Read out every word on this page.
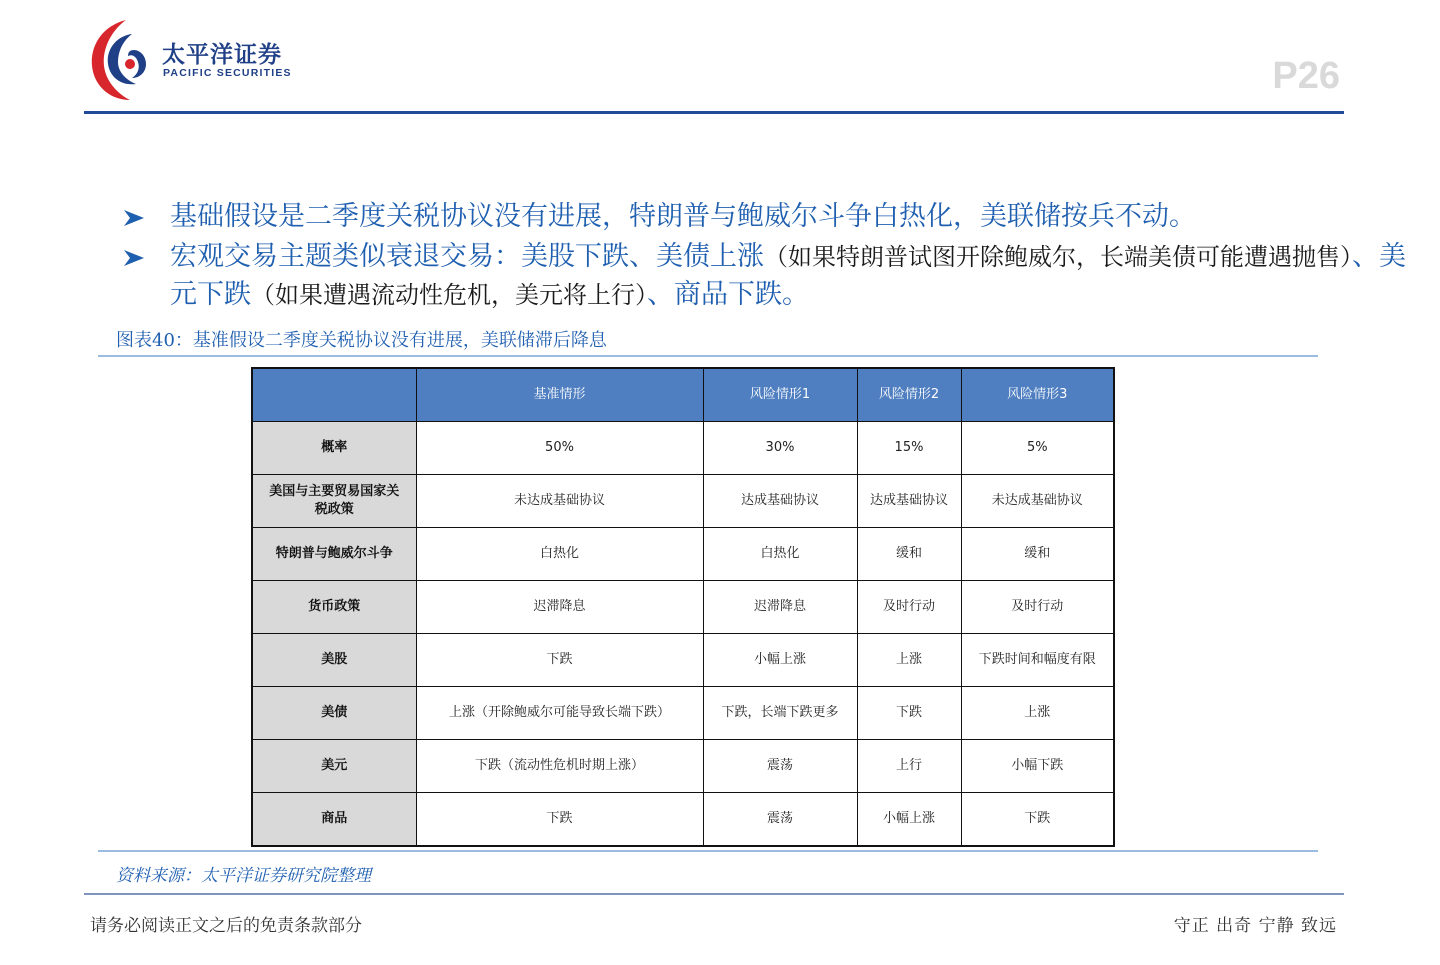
太平洋证券
PACIFIC SECURITIES	P26
基础假设是二季度关税协议没有进展，特朗普与鲍威尔斗争白热化，美联储按兵不动。
宏观交易主题类似衰退交易：美股下跌、美债上涨（如果特朗普试图开除鲍威尔，长端美债可能遭遇抛售）、美元下跌（如果遭遇流动性危机，美元将上行）、商品下跌。
图表40：基准假设二季度关税协议没有进展，美联储滞后降息
	基准情形	风险情形1	风险情形2	风险情形3
概率	50%	30%	15%	5%
美国与主要贸易国家关税政策	未达成基础协议	达成基础协议	达成基础协议	未达成基础协议
特朗普与鲍威尔斗争	白热化	白热化	缓和	缓和
货币政策	迟滞降息	迟滞降息	及时行动	及时行动
美股	下跌	小幅上涨	上涨	下跌时间和幅度有限
美债	上涨（开除鲍威尔可能导致长端下跌）	下跌，长端下跌更多	下跌	上涨
美元	下跌（流动性危机时期上涨）	震荡	上行	小幅下跌
商品	下跌	震荡	小幅上涨	下跌
资料来源：太平洋证券研究院整理
请务必阅读正文之后的免责条款部分	守正 出奇 宁静 致远
